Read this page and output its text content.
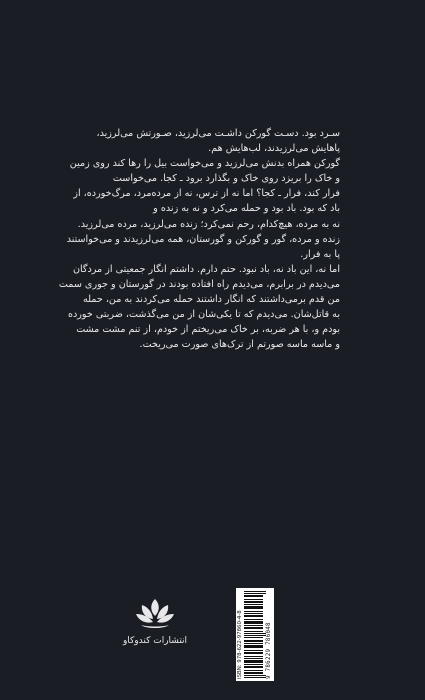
سـرد بود. دسـت گورکن داشـت می‌لرزید، صـورتش می‌لرزید،
پاهایش می‌لرزیدند، لب‌هایش هم.
گورکن همراه بدنش می‌لرزید و می‌خواست بیل را رها کند روی زمین
و خاک را بریزد روی خاک و بگذارد برود ـ کجا. می‌خواست
فرار کند، فرار ـ کجا؟ اما نه از ترس، نه از مرده‌مرد، مرگ‌خورده، از
باد که بود. باد بود و حمله می‌کرد و نه به زنده و
نه به مرده، هیچ‌کدام، رحم نمی‌کرد؛ زنده می‌لرزید، مرده می‌لرزید.
زنده و مرده، گور و گورکن و گورستان، همه می‌لرزیدند و می‌خواستند
پا به فرار.
اما نه، این باد نه، باد نبود. حتم دارم. داشتم انگار جمعیتی از مردگان
می‌دیدم در برابرم، می‌دیدم راه افتاده بودند در گورستان و جوری سمت
من قدم برمی‌داشتند که انگار داشتند حمله می‌کردند به من، حمله
به قاتل‌شان. می‌دیدم که تا یکی‌شان از من می‌گذشت، ضربتی خورده
بودم و، با هر ضربه، بر خاک می‌ریختم از خودم، از تنم مشت مشت
و ماسه ماسه صورتم از ترک‌های صورت می‌ریخت.
انتشارات کندوکاو	ISBN: 978-622-97860-4-8	9 786229 786048
